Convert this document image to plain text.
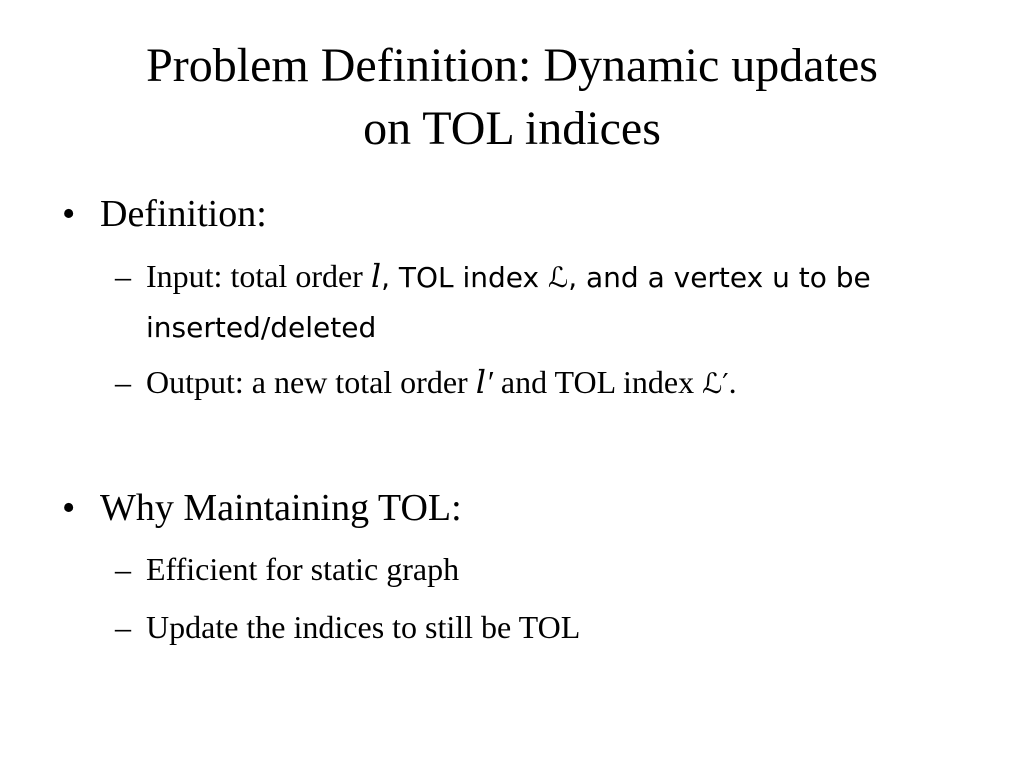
Problem Definition: Dynamic updates
on TOL indices
• Definition:
– Input: total order 𝑙, TOL index ℒ, and a vertex u to be inserted/deleted
– Output: a new total order 𝑙′ and TOL index ℒ′.
• Why Maintaining TOL:
– Efficient for static graph
– Update the indices to still be TOL
